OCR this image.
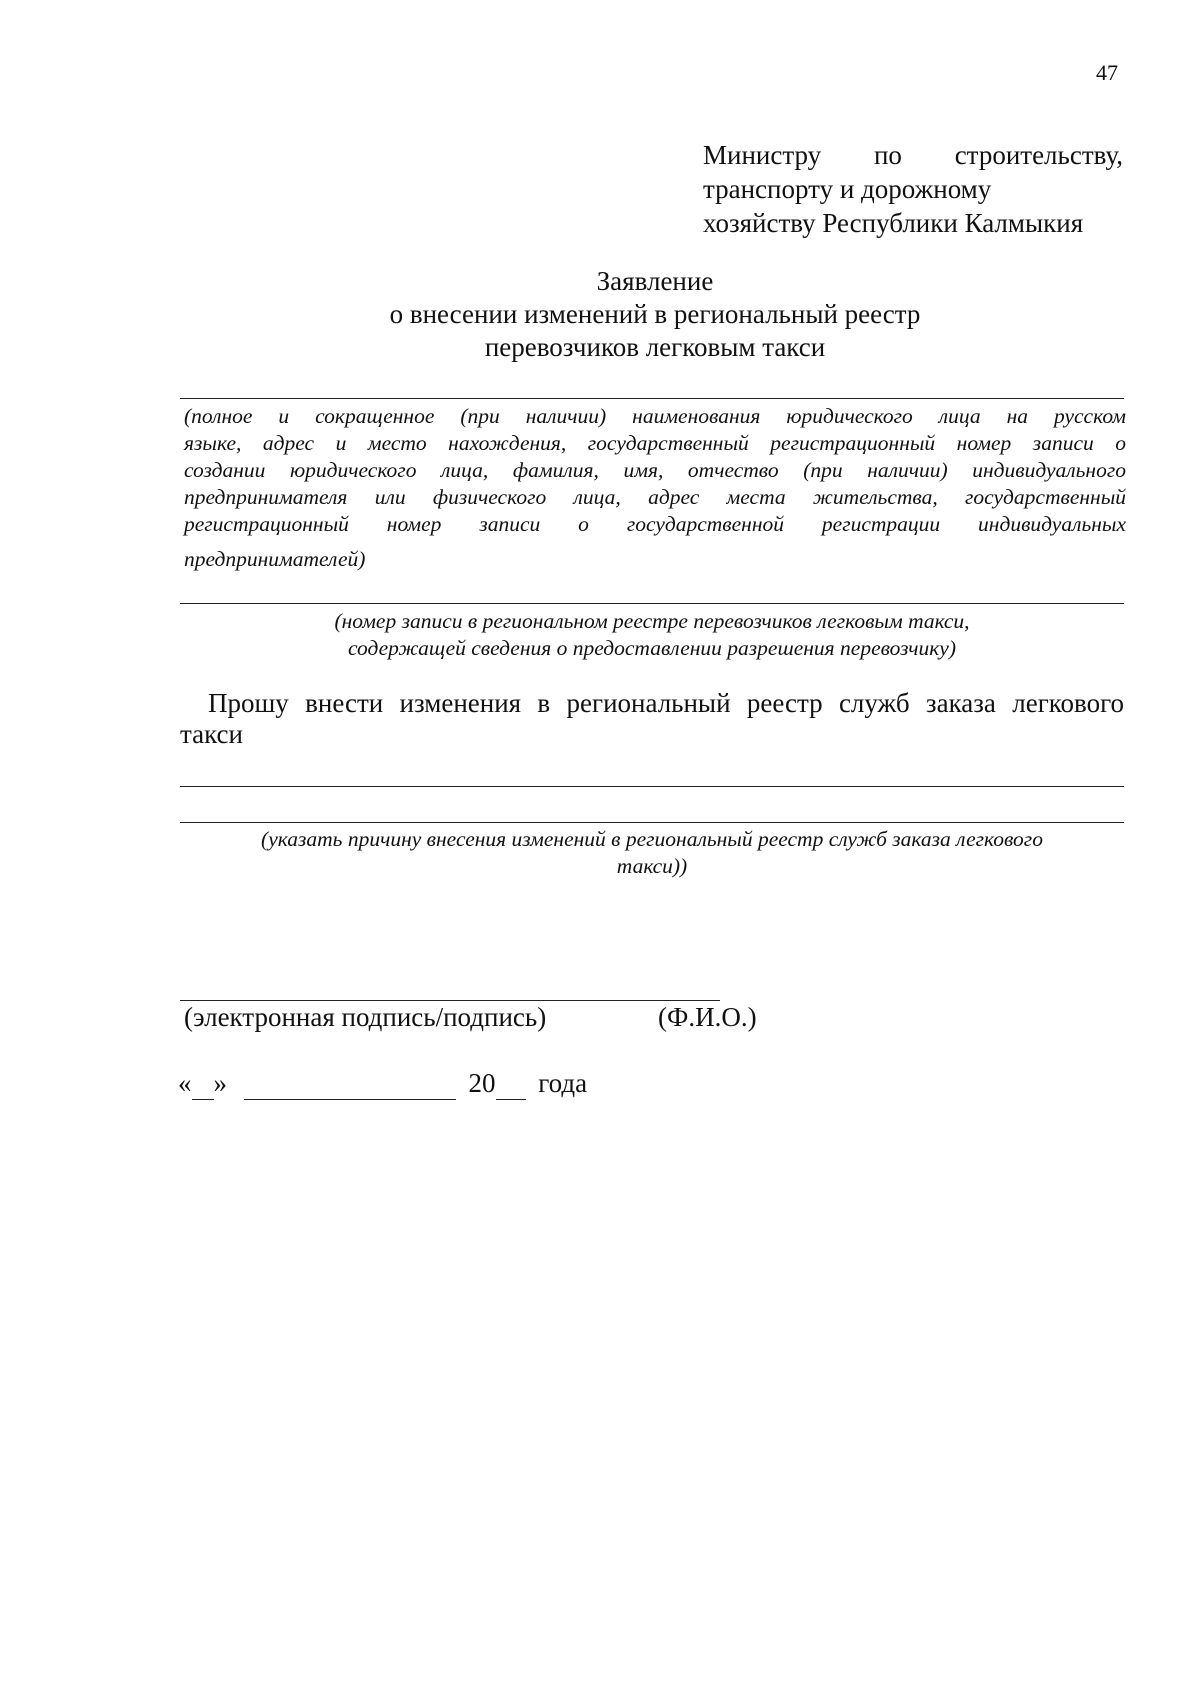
47
Министру по строительству,
транспорту и дорожному
хозяйству Республики Калмыкия
Заявление
о внесении изменений в региональный реестр
перевозчиков легковым такси
(полное и сокращенное (при наличии) наименования юридического лица на русском
языке, адрес и место нахождения, государственный регистрационный номер записи о
создании юридического лица, фамилия, имя, отчество (при наличии) индивидуального
предпринимателя или физического лица, адрес места жительства, государственный
регистрационный номер записи о государственной регистрации индивидуальных
предпринимателей)
(номер записи в региональном реестре перевозчиков легковым такси,
содержащей сведения о предоставлении разрешения перевозчику)
Прошу внести изменения в региональный реестр служб заказа легкового
такси
(указать причину внесения изменений в региональный реестр служб заказа легкового
такси))
(электронная подпись/подпись)	(Ф.И.О.)
« »	20 года
